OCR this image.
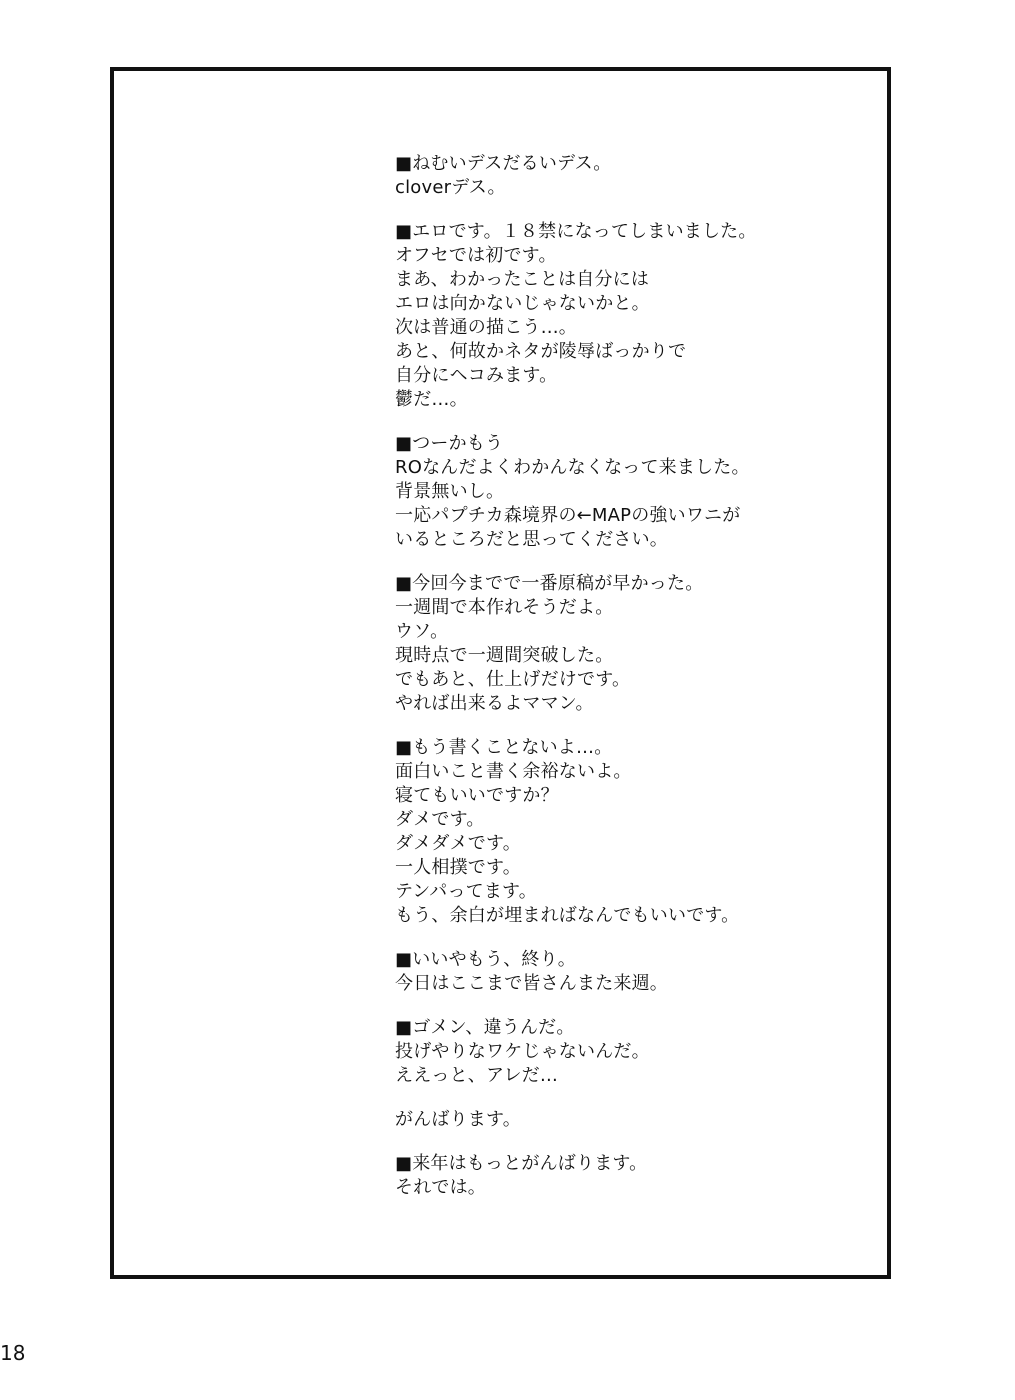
■ねむいデスだるいデス。
cloverデス。
■エロです。１８禁になってしまいました。
オフセでは初です。
まあ、わかったことは自分には
エロは向かないじゃないかと。
次は普通の描こう…。
あと、何故かネタが陵辱ばっかりで
自分にヘコみます。
鬱だ…。
■つーかもう
ROなんだよくわかんなくなって来ました。
背景無いし。
一応パプチカ森境界の←MAPの強いワニが
いるところだと思ってください。
■今回今までで一番原稿が早かった。
一週間で本作れそうだよ。
ウソ。
現時点で一週間突破した。
でもあと、仕上げだけです。
やれば出来るよママン。
■もう書くことないよ…。
面白いこと書く余裕ないよ。
寝てもいいですか？
ダメです。
ダメダメです。
一人相撲です。
テンパってます。
もう、余白が埋まればなんでもいいです。
■いいやもう、終り。
今日はここまで皆さんまた来週。
■ゴメン、違うんだ。
投げやりなワケじゃないんだ。
ええっと、アレだ…
がんばります。
■来年はもっとがんばります。
それでは。
18
